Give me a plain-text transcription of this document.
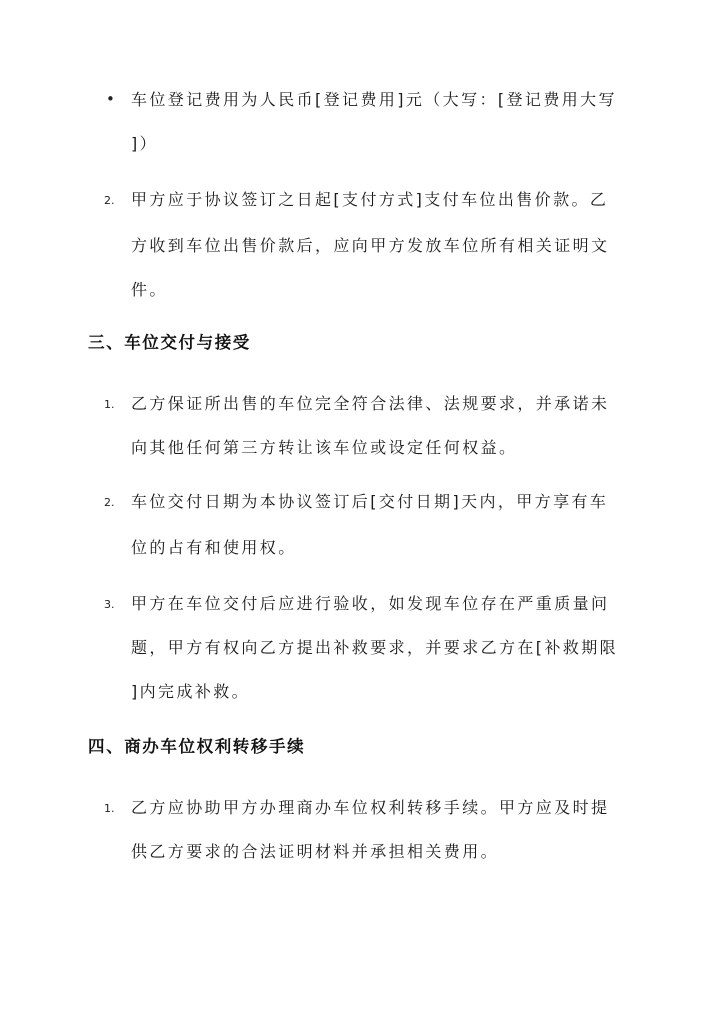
• 车位登记费用为人民币[登记费用]元（大写：[登记费用大写
]）
2. 甲方应于协议签订之日起[支付方式]支付车位出售价款。乙
方收到车位出售价款后，应向甲方发放车位所有相关证明文
件。
三、车位交付与接受
1. 乙方保证所出售的车位完全符合法律、法规要求，并承诺未
向其他任何第三方转让该车位或设定任何权益。
2. 车位交付日期为本协议签订后[交付日期]天内，甲方享有车
位的占有和使用权。
3. 甲方在车位交付后应进行验收，如发现车位存在严重质量问
题，甲方有权向乙方提出补救要求，并要求乙方在[补救期限
]内完成补救。
四、商办车位权利转移手续
1. 乙方应协助甲方办理商办车位权利转移手续。甲方应及时提
供乙方要求的合法证明材料并承担相关费用。
